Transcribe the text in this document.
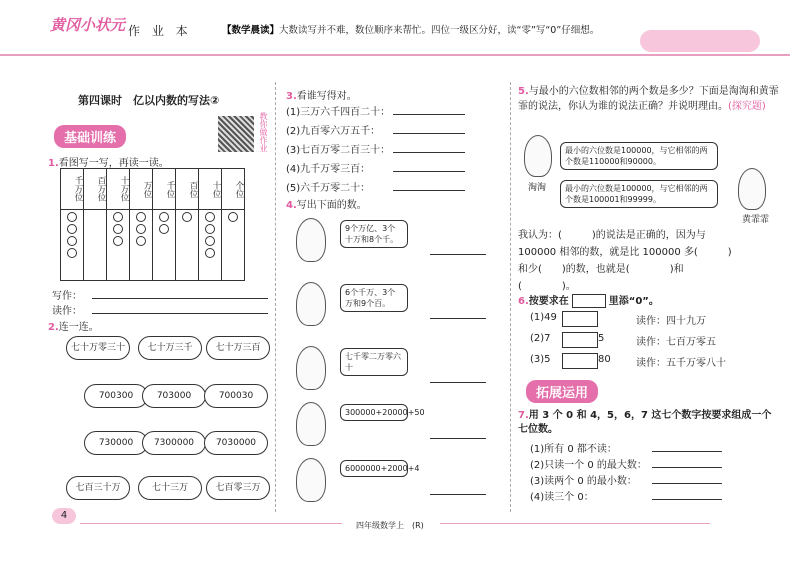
黄冈小状元 作 业 本	【数学晨读】大数读写并不难，数位顺序来帮忙。四位一级区分好，读“零”写“0”仔细想。
第四课时　亿以内数的写法②
教你做作业
基础训练
1.看图写一写，再读一读。
千万位	百万位	十万位	万位	千位	百位	十位	个位

写作：
读作：
2.连一连。
七十万零三十	七十万三千	七十万三百
700300	703000	700030
730000	7300000	7030000
七百三十万	七十三万	七百零三万
3.看谁写得对。
(1)三万六千四百二十：
(2)九百零六万五千：
(3)七百万零二百三十：
(4)九千万零三百：
(5)六千万零二十：
4.写出下面的数。
9个万亿、3个十万和8个千。
6个千万、3个万和9个百。
七千零二万零六十
300000+20000+50
6000000+2000+4
5.与最小的六位数相邻的两个数是多少？下面是淘淘和黄霏霏的说法，你认为谁的说法正确？并说明理由。(探究题)
淘淘
最小的六位数是100000，与它相邻的两个数是110000和90000。
黄霏霏
最小的六位数是100000，与它相邻的两个数是100001和99999。
我认为：(　　　)的说法是正确的，因为与
100000 相邻的数，就是比 100000 多(　　　)
和少(　　)的数，也就是(　　　　)和
(　　　　)。
6.按要求在	里添“0”。
(1)49	读作：四十九万
(2)7	5	读作：七百万零五
(3)5	80	读作：五千万零八十
拓展运用
7.用 3 个 0 和 4，5，6，7 这七个数字按要求组成一个七位数。
(1)所有 0 都不读：
(2)只读一个 0 的最大数：
(3)读两个 0 的最小数：
(4)读三个 0：
4
四年级数学上　(R)
